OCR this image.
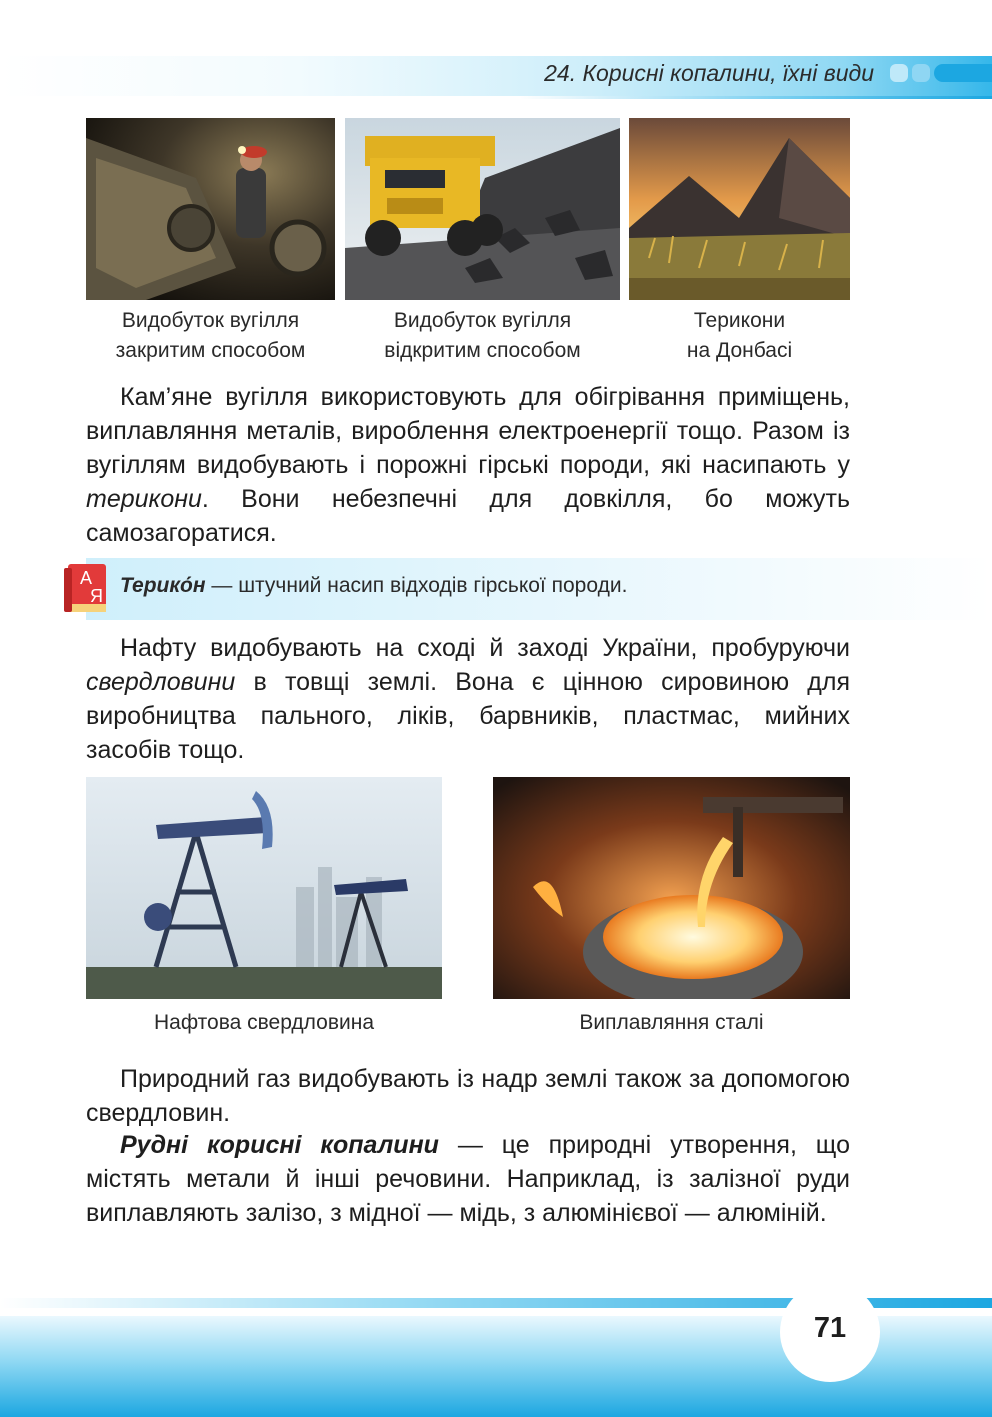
24. Корисні копалини, їхні види
Видобуток вугілля
закритим способом
Видобуток вугілля
відкритим способом
Терикони
на Донбасі
Кам’яне вугілля використовують для обігрівання приміщень, виплавляння металів, вироблення електроенергії тощо. Разом із вугіллям видобувають і порожні гірські породи, які насипають у терикони. Вони небезпечні для довкілля, бо можуть самозагоратися.
А
Я Терико́н — штучний насип відходів гірської породи.
Нафту видобувають на сході й заході України, пробуруючи свердловини в товщі землі. Вона є цінною сировиною для виробництва пального, ліків, барвників, пластмас, мийних засобів тощо.
Нафтова свердловина	Виплавляння сталі
Природний газ видобувають із надр землі також за допомогою свердловин.
Рудні корисні копалини — це природні утворення, що містять метали й інші речовини. Наприклад, із залізної руди виплавляють залізо, з мідної — мідь, з алюмінієвої — алюміній.
71
